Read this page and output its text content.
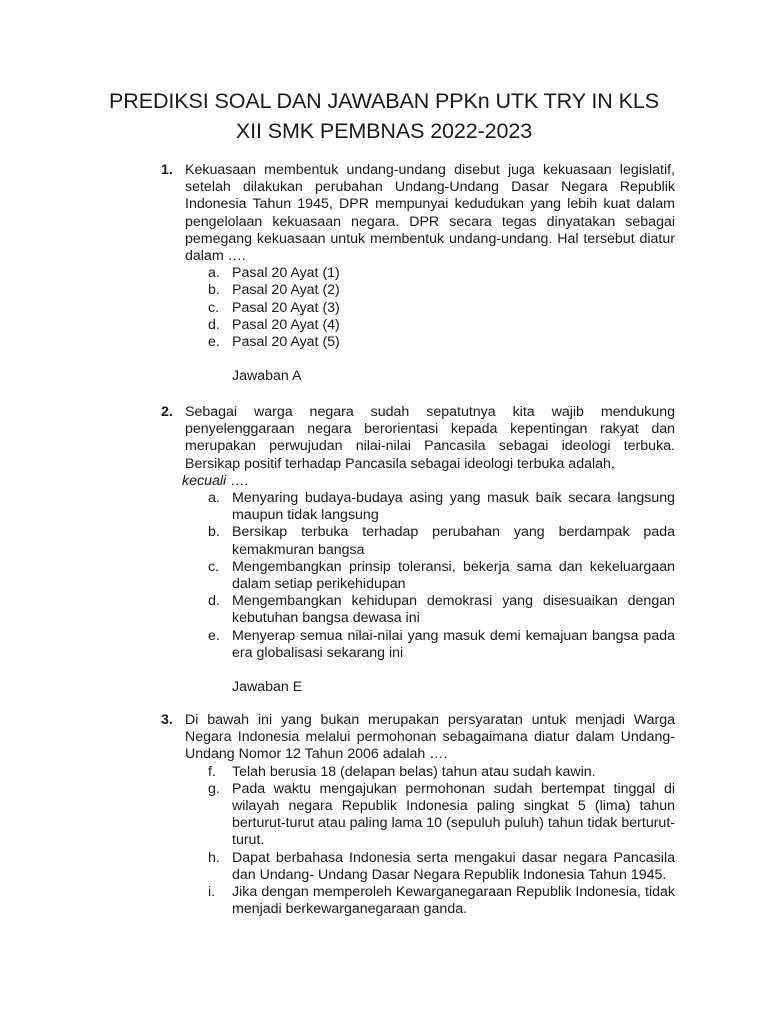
PREDIKSI SOAL DAN JAWABAN PPKn UTK TRY IN KLS
XII SMK PEMBNAS 2022-2023
1. Kekuasaan membentuk undang-undang disebut juga kekuasaan legislatif, setelah dilakukan perubahan Undang-Undang Dasar Negara Republik Indonesia Tahun 1945, DPR mempunyai kedudukan yang lebih kuat dalam pengelolaan kekuasaan negara. DPR secara tegas dinyatakan sebagai pemegang kekuasaan untuk membentuk undang-undang. Hal tersebut diatur dalam ….
a. Pasal 20 Ayat (1)
b. Pasal 20 Ayat (2)
c. Pasal 20 Ayat (3)
d. Pasal 20 Ayat (4)
e. Pasal 20 Ayat (5)
Jawaban A
2. Sebagai warga negara sudah sepatutnya kita wajib mendukung penyelenggaraan negara berorientasi kepada kepentingan rakyat dan merupakan perwujudan nilai-nilai Pancasila sebagai ideologi terbuka. Bersikap positif terhadap Pancasila sebagai ideologi terbuka adalah,
kecuali ….
a. Menyaring budaya-budaya asing yang masuk baik secara langsung maupun tidak langsung
b. Bersikap terbuka terhadap perubahan yang berdampak pada kemakmuran bangsa
c. Mengembangkan prinsip toleransi, bekerja sama dan kekeluargaan dalam setiap perikehidupan
d. Mengembangkan kehidupan demokrasi yang disesuaikan dengan kebutuhan bangsa dewasa ini
e. Menyerap semua nilai-nilai yang masuk demi kemajuan bangsa pada era globalisasi sekarang ini
Jawaban E
3. Di bawah ini yang bukan merupakan persyaratan untuk menjadi Warga Negara Indonesia melalui permohonan sebagaimana diatur dalam Undang-Undang Nomor 12 Tahun 2006 adalah ….
f. Telah berusia 18 (delapan belas) tahun atau sudah kawin.
g. Pada waktu mengajukan permohonan sudah bertempat tinggal di wilayah negara Republik Indonesia paling singkat 5 (lima) tahun berturut-turut atau paling lama 10 (sepuluh puluh) tahun tidak berturut-turut.
h. Dapat berbahasa Indonesia serta mengakui dasar negara Pancasila dan Undang- Undang Dasar Negara Republik Indonesia Tahun 1945.
i. Jika dengan memperoleh Kewarganegaraan Republik Indonesia, tidak menjadi berkewarganegaraan ganda.
